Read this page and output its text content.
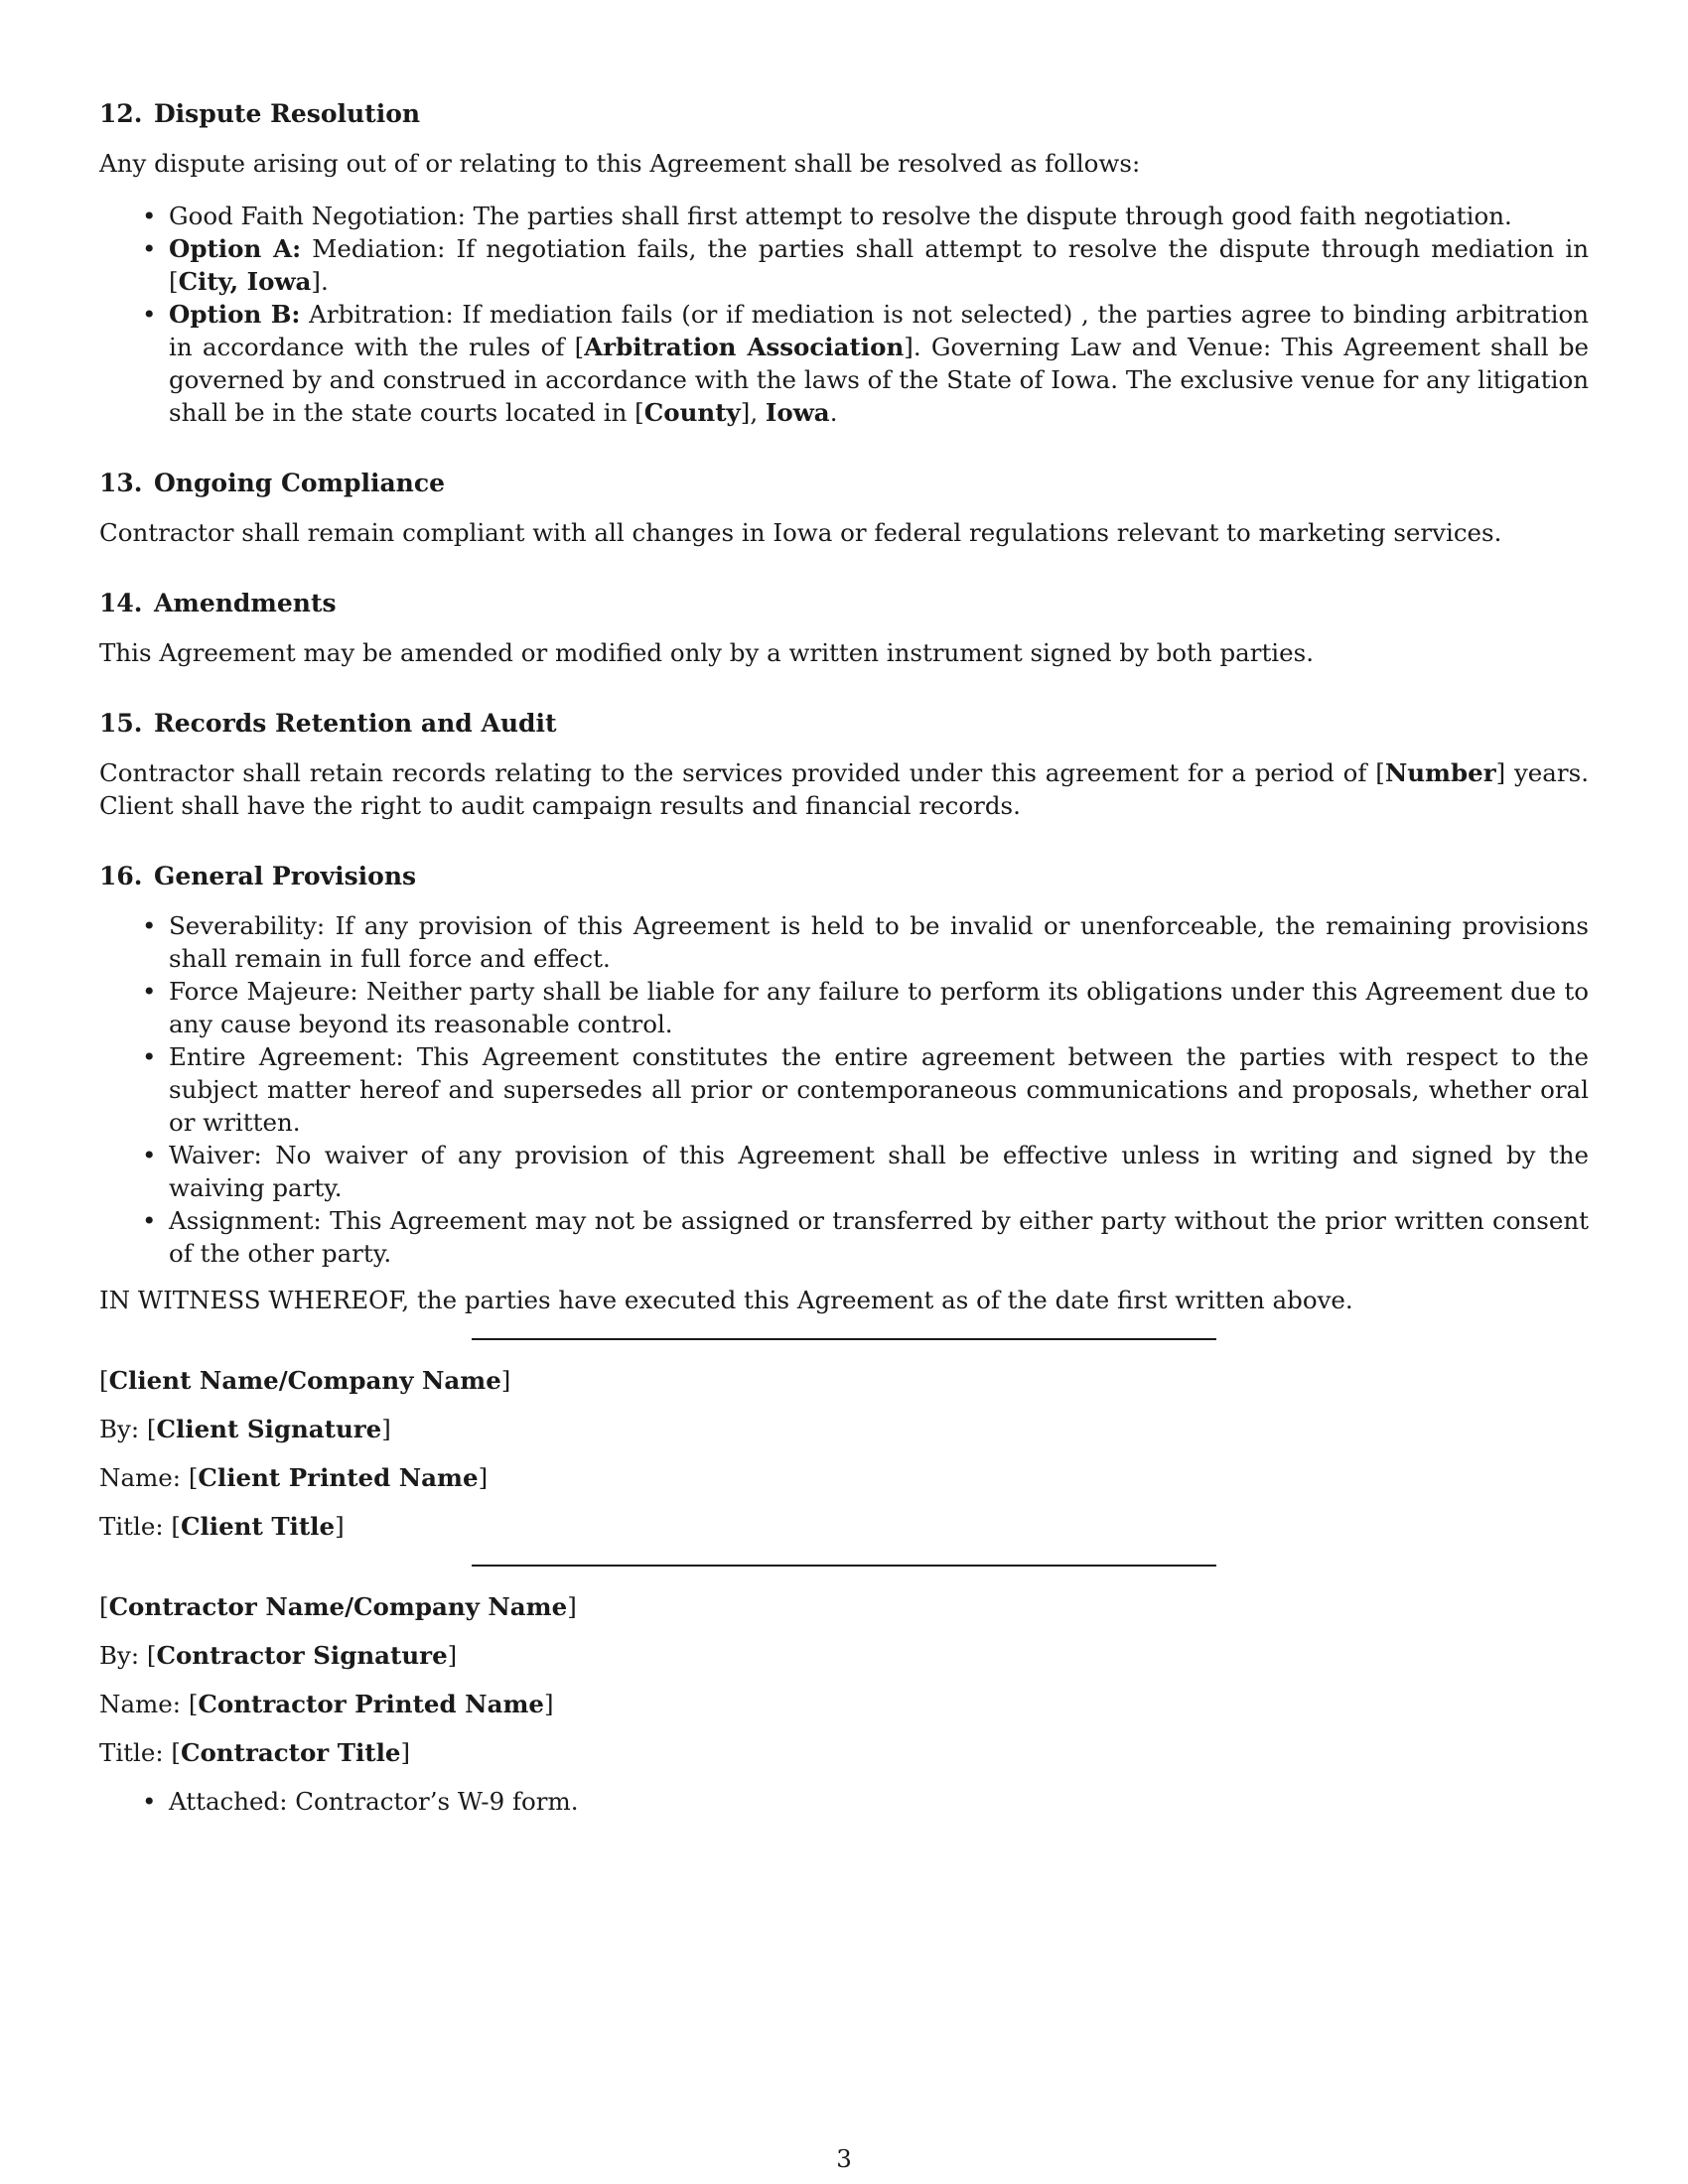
12. Dispute Resolution

Any dispute arising out of or relating to this Agreement shall be resolved as follows:

• Good Faith Negotiation: The parties shall first attempt to resolve the dispute through good faith negotiation.
• Option A: Mediation: If negotiation fails, the parties shall attempt to resolve the dispute through mediation in [City, Iowa].
• Option B: Arbitration: If mediation fails (or if mediation is not selected) , the parties agree to binding arbitration in accordance with the rules of [Arbitration Association]. Governing Law and Venue: This Agreement shall be governed by and construed in accordance with the laws of the State of Iowa. The exclusive venue for any litigation shall be in the state courts located in [County], Iowa.
13. Ongoing Compliance

Contractor shall remain compliant with all changes in Iowa or federal regulations relevant to marketing services.

14. Amendments

This Agreement may be amended or modified only by a written instrument signed by both parties.

15. Records Retention and Audit

Contractor shall retain records relating to the services provided under this agreement for a period of [Number] years. Client shall have the right to audit campaign results and financial records.

16. General Provisions
• Severability: If any provision of this Agreement is held to be invalid or unenforceable, the remaining provisions shall remain in full force and effect.
• Force Majeure: Neither party shall be liable for any failure to perform its obligations under this Agreement due to any cause beyond its reasonable control.
• Entire Agreement: This Agreement constitutes the entire agreement between the parties with respect to the subject matter hereof and supersedes all prior or contemporaneous communications and proposals, whether oral or written.
• Waiver: No waiver of any provision of this Agreement shall be effective unless in writing and signed by the waiving party.
• Assignment: This Agreement may not be assigned or transferred by either party without the prior written consent of the other party.

IN WITNESS WHEREOF, the parties have executed this Agreement as of the date first written above.

[Client Name/Company Name]

By: [Client Signature]

Name: [Client Printed Name]

Title: [Client Title]

[Contractor Name/Company Name]

By: [Contractor Signature]

Name: [Contractor Printed Name]

Title: [Contractor Title]

• Attached: Contractor’s W-9 form.
3
